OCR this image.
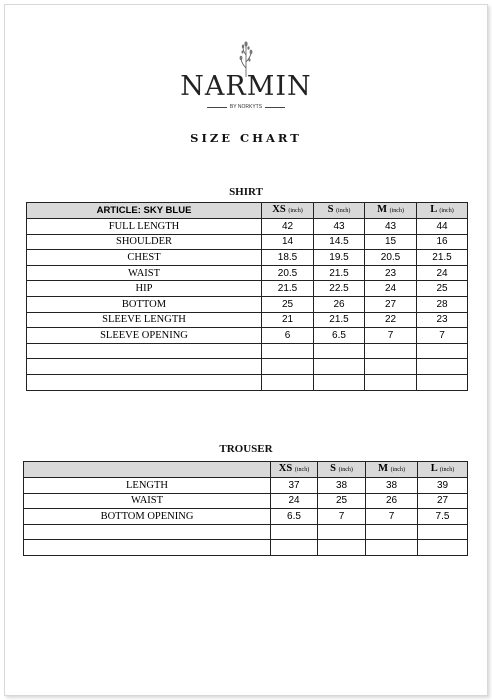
NARMIN
BY NORKYTS
SIZE CHART
SHIRT
ARTICLE: SKY BLUE	XS (inch)	S (inch)	M (inch)	L (inch)
FULL LENGTH	42	43	43	44
SHOULDER	14	14.5	15	16
CHEST	18.5	19.5	20.5	21.5
WAIST	20.5	21.5	23	24
HIP	21.5	22.5	24	25
BOTTOM	25	26	27	28
SLEEVE LENGTH	21	21.5	22	23
SLEEVE OPENING	6	6.5	7	7

TROUSER
	XS (inch)	S (inch)	M (inch)	L (inch)
LENGTH	37	38	38	39
WAIST	24	25	26	27
BOTTOM OPENING	6.5	7	7	7.5
